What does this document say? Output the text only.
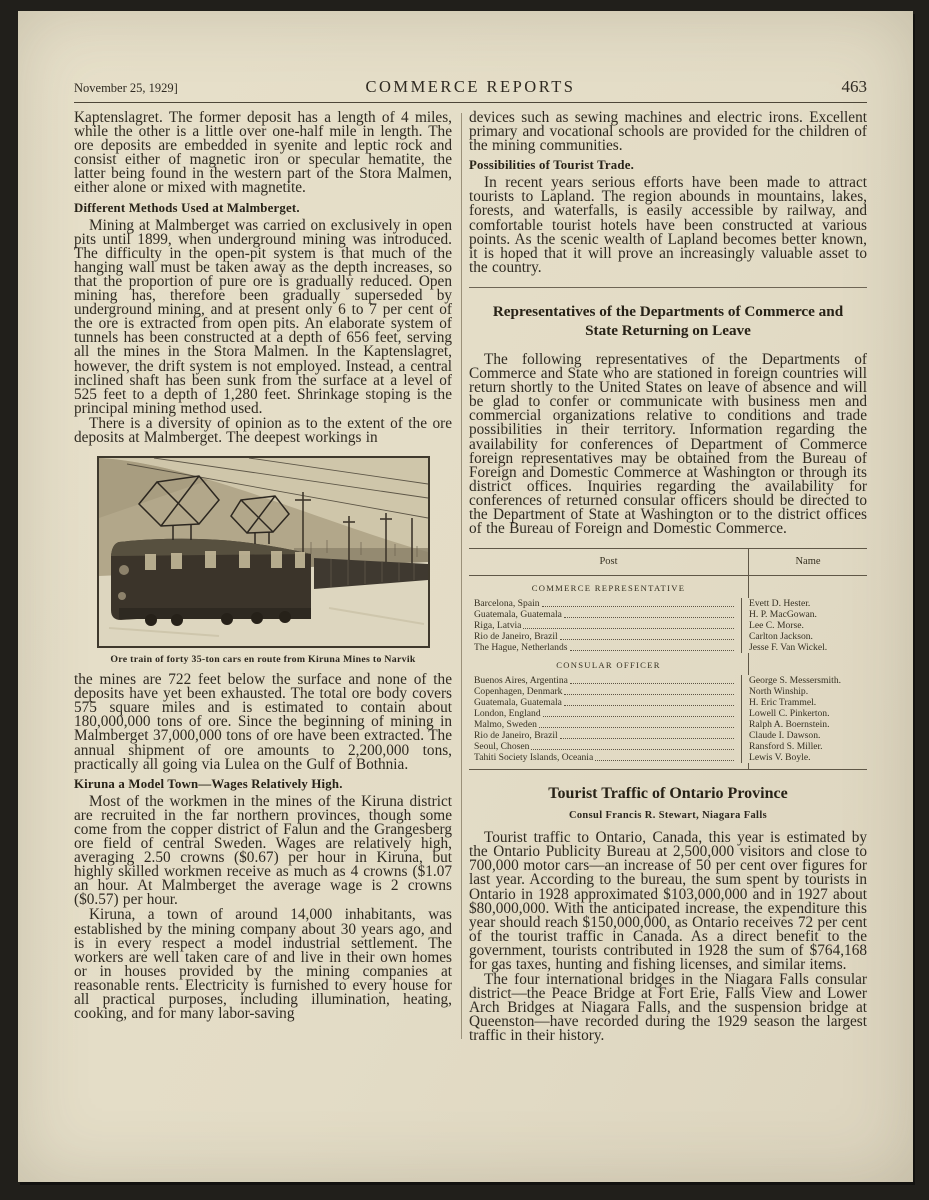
November 25, 1929]	COMMERCE REPORTS	463

Kaptenslagret. The former deposit has a length of 4 miles, while the other is a little over one-half mile in length. The ore deposits are embedded in syenite and leptic rock and consist either of magnetic iron or specular hematite, the latter being found in the western part of the Stora Malmen, either alone or mixed with magnetite.

Different Methods Used at Malmberget.

Mining at Malmberget was carried on exclusively in open pits until 1899, when underground mining was introduced. The difficulty in the open-pit system is that much of the hanging wall must be taken away as the depth increases, so that the proportion of pure ore is gradually reduced. Open mining has, therefore been gradually superseded by underground mining, and at present only 6 to 7 per cent of the ore is extracted from open pits. An elaborate system of tunnels has been constructed at a depth of 656 feet, serving all the mines in the Stora Malmen. In the Kaptenslagret, however, the drift system is not employed. Instead, a central inclined shaft has been sunk from the surface at a level of 525 feet to a depth of 1,280 feet. Shrinkage stoping is the principal mining method used.

There is a diversity of opinion as to the extent of the ore deposits at Malmberget. The deepest workings in

Ore train of forty 35-ton cars en route from Kiruna Mines to Narvik

the mines are 722 feet below the surface and none of the deposits have yet been exhausted. The total ore body covers 575 square miles and is estimated to contain about 180,000,000 tons of ore. Since the beginning of mining in Malmberget 37,000,000 tons of ore have been extracted. The annual shipment of ore amounts to 2,200,000 tons, practically all going via Lulea on the Gulf of Bothnia.

Kiruna a Model Town—Wages Relatively High.

Most of the workmen in the mines of the Kiruna district are recruited in the far northern provinces, though some come from the copper district of Falun and the Grangesberg ore field of central Sweden. Wages are relatively high, averaging 2.50 crowns ($0.67) per hour in Kiruna, but highly skilled workmen receive as much as 4 crowns ($1.07 an hour. At Malmberget the average wage is 2 crowns ($0.57) per hour.

Kiruna, a town of around 14,000 inhabitants, was established by the mining company about 30 years ago, and is in every respect a model industrial settlement. The workers are well taken care of and live in their own homes or in houses provided by the mining companies at reasonable rents. Electricity is furnished to every house for all practical purposes, including illumination, heating, cooking, and for many labor-saving

devices such as sewing machines and electric irons. Excellent primary and vocational schools are provided for the children of the mining communities.

Possibilities of Tourist Trade.

In recent years serious efforts have been made to attract tourists to Lapland. The region abounds in mountains, lakes, forests, and waterfalls, is easily accessible by railway, and comfortable tourist hotels have been constructed at various points. As the scenic wealth of Lapland becomes better known, it is hoped that it will prove an increasingly valuable asset to the country.

Representatives of the Departments of Commerce and State Returning on Leave

The following representatives of the Departments of Commerce and State who are stationed in foreign countries will return shortly to the United States on leave of absence and will be glad to confer or communicate with business men and commercial organizations relative to conditions and trade possibilities in their territory. Information regarding the availability for conferences of Department of Commerce foreign representatives may be obtained from the Bureau of Foreign and Domestic Commerce at Washington or through its district offices. Inquiries regarding the availability for conferences of returned consular officers should be directed to the Department of State at Washington or to the district offices of the Bureau of Foreign and Domestic Commerce.

Post	Name
COMMERCE REPRESENTATIVE
Barcelona, Spain	Evett D. Hester.
Guatemala, Guatemala	H. P. MacGowan.
Riga, Latvia	Lee C. Morse.
Rio de Janeiro, Brazil	Carlton Jackson.
The Hague, Netherlands	Jesse F. Van Wickel.
CONSULAR OFFICER
Buenos Aires, Argentina	George S. Messersmith.
Copenhagen, Denmark	North Winship.
Guatemala, Guatemala	H. Eric Trammel.
London, England	Lowell C. Pinkerton.
Malmo, Sweden	Ralph A. Boernstein.
Rio de Janeiro, Brazil	Claude I. Dawson.
Seoul, Chosen	Ransford S. Miller.
Tahiti Society Islands, Oceania	Lewis V. Boyle.
Tourist Traffic of Ontario Province
Consul Francis R. Stewart, Niagara Falls

Tourist traffic to Ontario, Canada, this year is estimated by the Ontario Publicity Bureau at 2,500,000 visitors and close to 700,000 motor cars—an increase of 50 per cent over figures for last year. According to the bureau, the sum spent by tourists in Ontario in 1928 approximated $103,000,000 and in 1927 about $80,000,000. With the anticipated increase, the expenditure this year should reach $150,000,000, as Ontario receives 72 per cent of the tourist traffic in Canada. As a direct benefit to the government, tourists contributed in 1928 the sum of $764,168 for gas taxes, hunting and fishing licenses, and similar items.

The four international bridges in the Niagara Falls consular district—the Peace Bridge at Fort Erie, Falls View and Lower Arch Bridges at Niagara Falls, and the suspension bridge at Queenston—have recorded during the 1929 season the largest traffic in their history.
